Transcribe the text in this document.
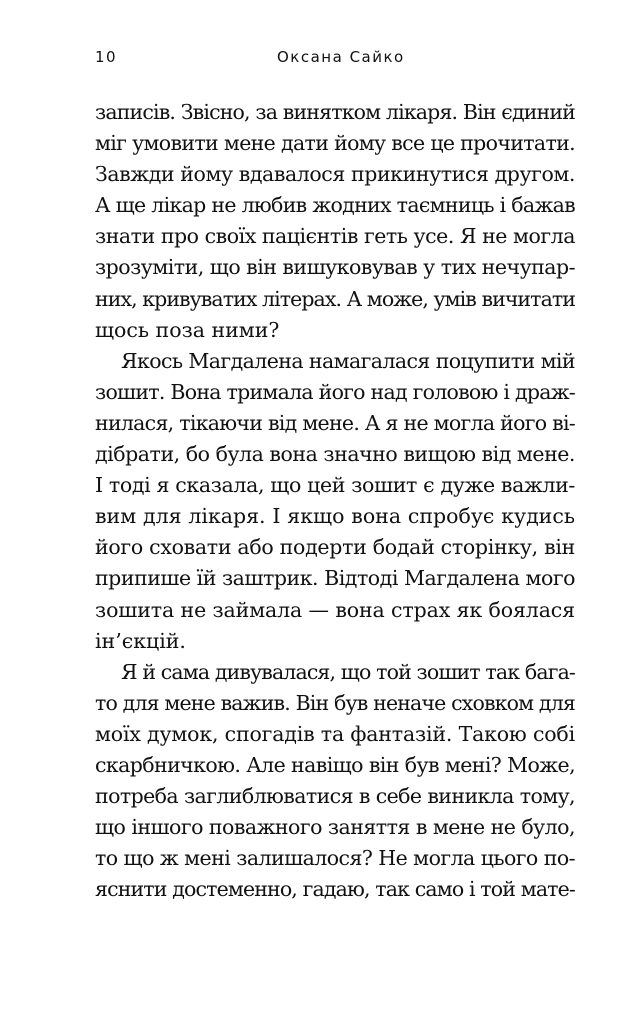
10	Оксана Сайко
записів. Звісно, за винятком лікаря. Він єдиний
міг умовити мене дати йому все це прочитати.
Завжди йому вдавалося прикинутися другом.
А ще лікар не любив жодних таємниць і бажав
знати про своїх пацієнтів геть усе. Я не могла
зрозуміти, що він вишуковував у тих нечупар-
них, кривуватих літерах. А може, умів вичитати
щось поза ними?
Якось Магдалена намагалася поцупити мій
зошит. Вона тримала його над головою і драж-
нилася, тікаючи від мене. А я не могла його ві-
дібрати, бо була вона значно вищою від мене.
І тоді я сказала, що цей зошит є дуже важли-
вим для лікаря. І якщо вона спробує кудись
його сховати або подерти бодай сторінку, він
припише їй заштрик. Відтоді Магдалена мого
зошита не займала — вона страх як боялася
ін’єкцій.
Я й сама дивувалася, що той зошит так бага-
то для мене важив. Він був неначе сховком для
моїх думок, спогадів та фантазій. Такою собі
скарбничкою. Але навіщо він був мені? Може,
потреба заглиблюватися в себе виникла тому,
що іншого поважного заняття в мене не було,
то що ж мені залишалося? Не могла цього по-
яснити достеменно, гадаю, так само і той мате-
